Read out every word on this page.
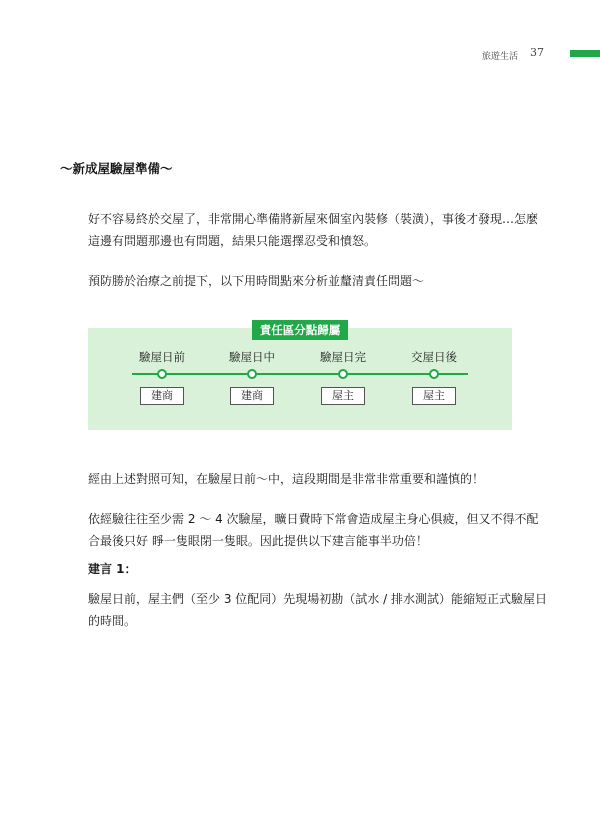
旅遊生活 37
～新成屋驗屋準備～

好不容易終於交屋了，非常開心準備將新屋來個室內裝修（裝潢），事後才發現…怎麼這邊有問題那邊也有問題，結果只能選擇忍受和憤怒。

預防勝於治療之前提下，以下用時間點來分析並釐清責任問題～

責任區分點歸屬
驗屋日前
建商
驗屋日中
建商
驗屋日完
屋主
交屋日後
屋主

經由上述對照可知，在驗屋日前～中，這段期間是非常非常重要和謹慎的！

依經驗往往至少需 2 ～ 4 次驗屋，曠日費時下常會造成屋主身心俱疲，但又不得不配合最後只好 睜一隻眼閉一隻眼。因此提供以下建言能事半功倍！

建言 1：

驗屋日前，屋主們（至少 3 位配同）先現場初勘（試水 / 排水測試）能縮短正式驗屋日的時間。
